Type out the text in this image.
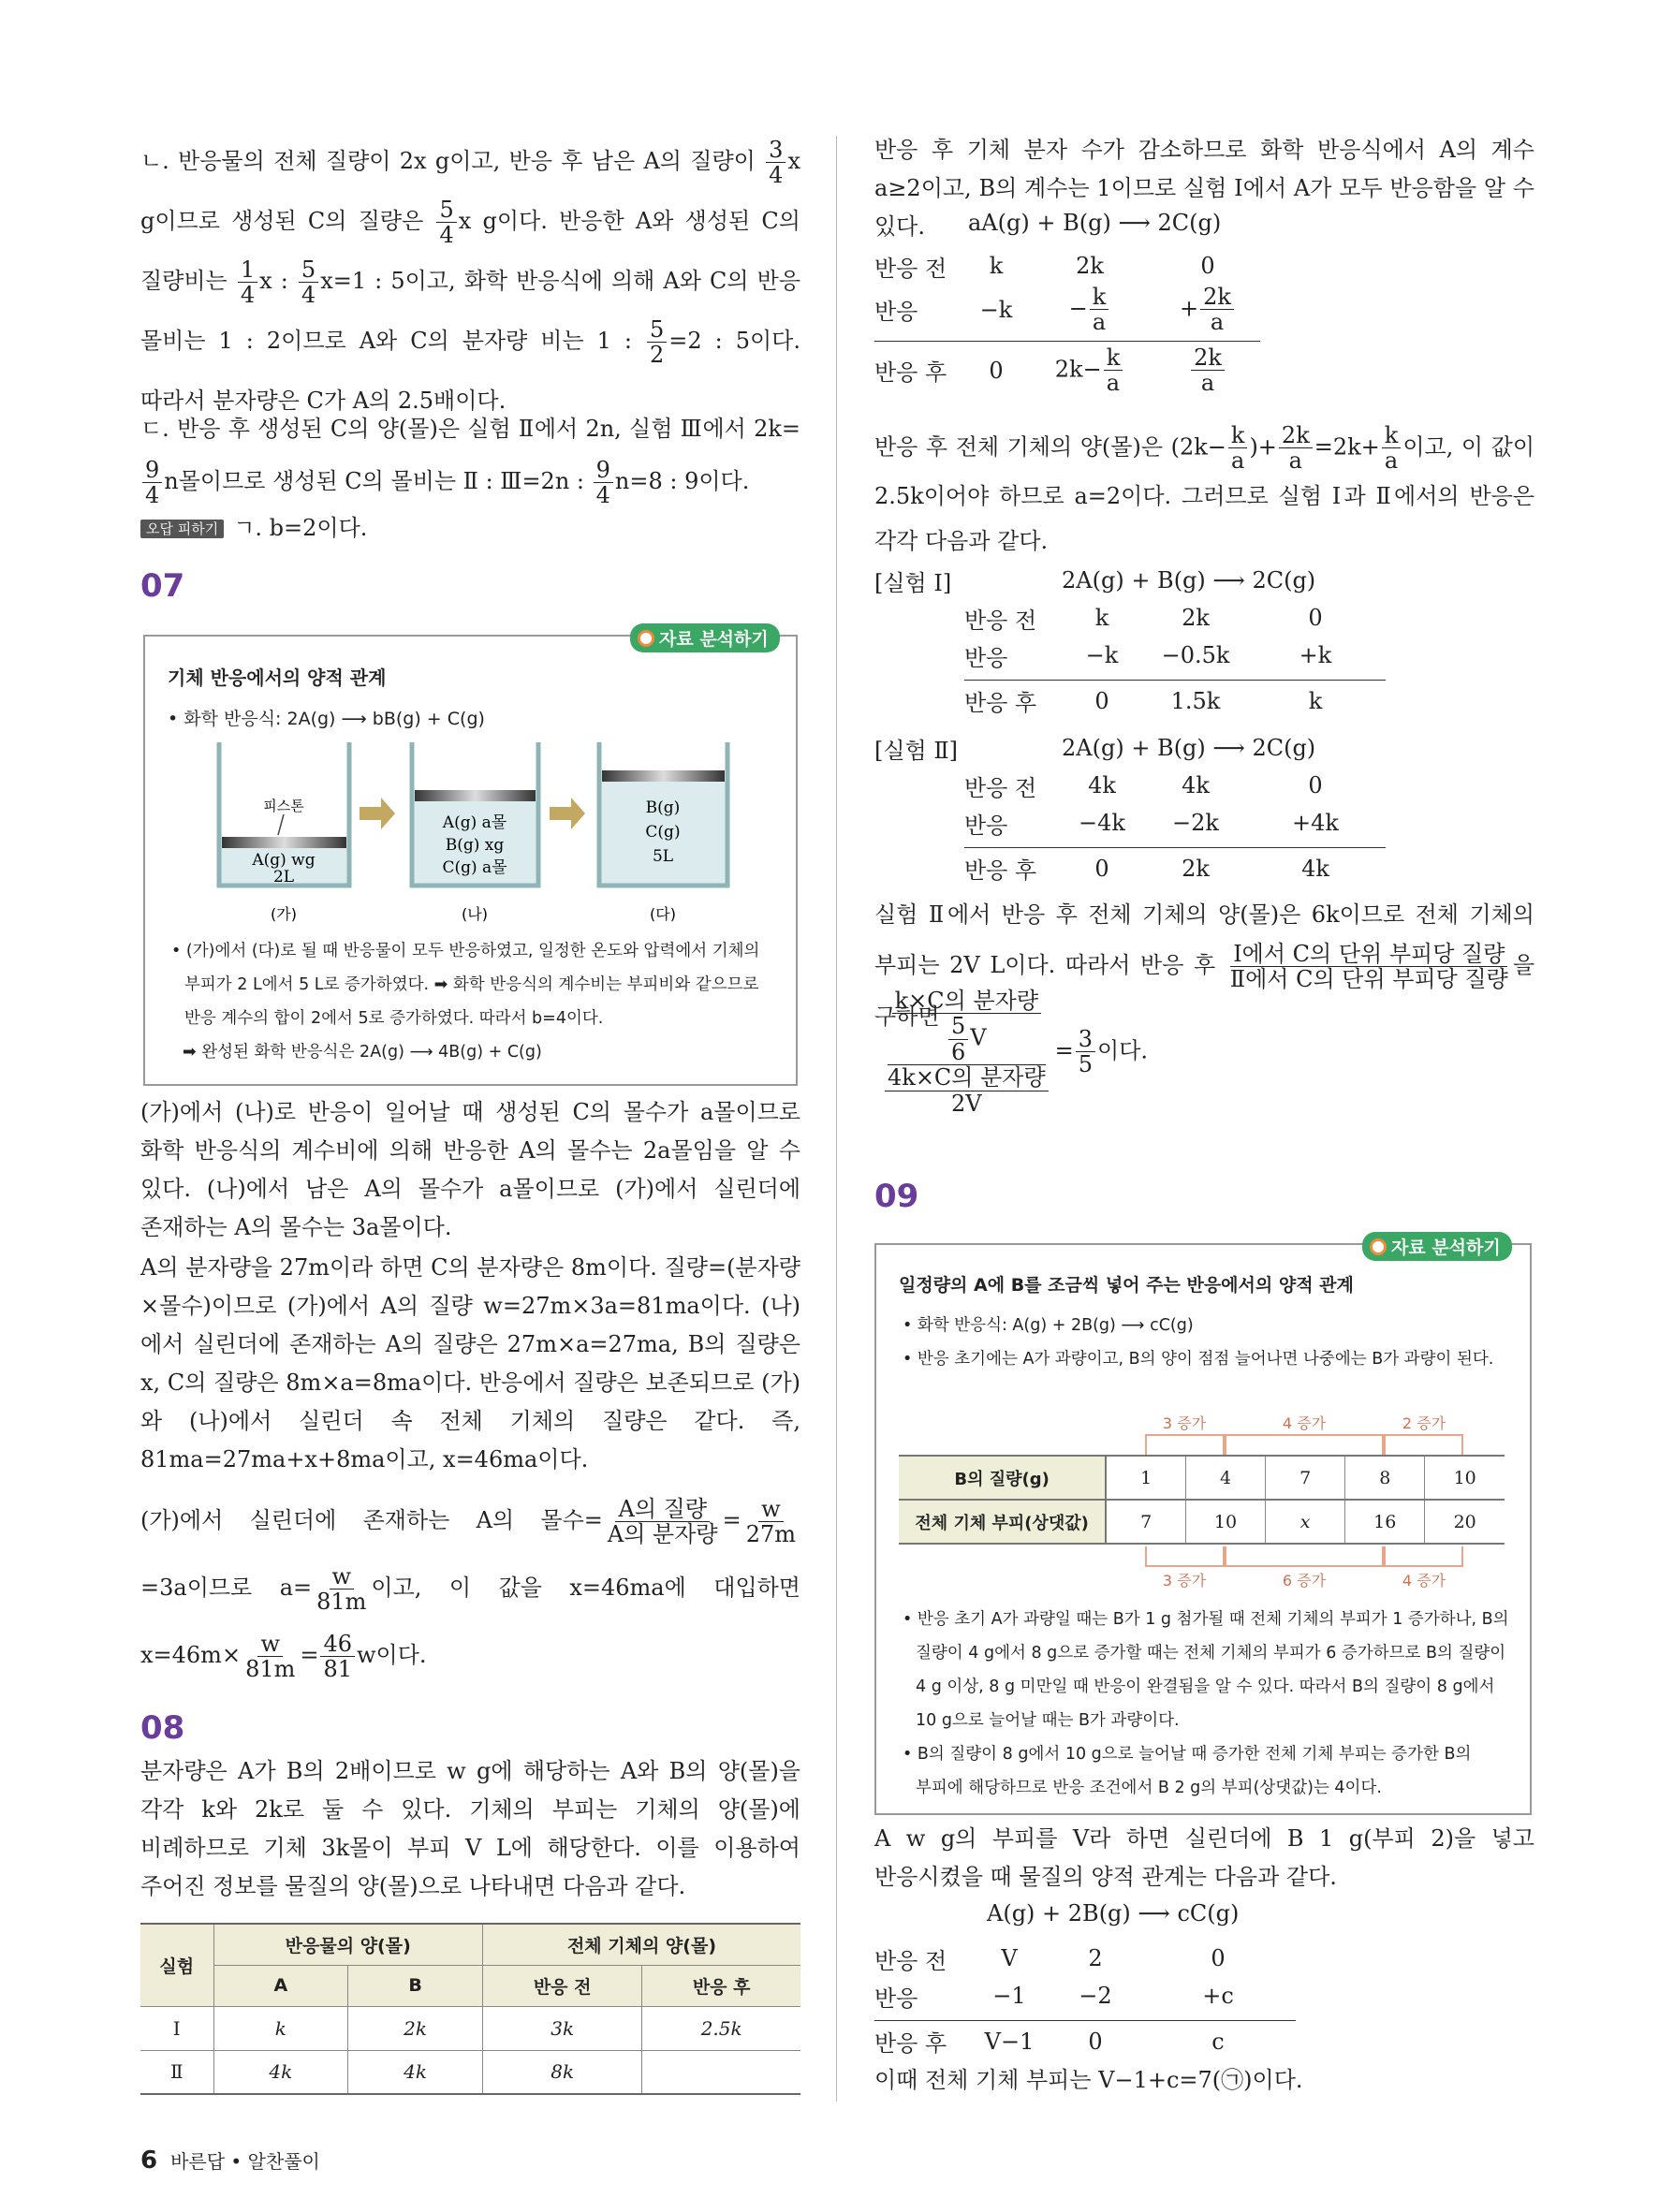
ㄴ. 반응물의 전체 질량이 2x g이고, 반응 후 남은 A의 질량이 $\frac{3}{4}$ x g이므로 생성된 C의 질량은 $\frac{5}{4}$ x g이다. 반응한 A와 생성된 C의 질량비는 $\frac{1}{4}$ x : $\frac{5}{4} x=1$ : 5이고, 화학 반응식에 의해 A와 C의 반응 몰비는 1 : 2이므로 A와 C의 분자량 비는 1 : $\frac{5}{2} =2$ : 5이다. 따라서 분자량은 C가 A의 2.5배이다.
ㄷ. 반응 후 생성된 C의 양(몰)은 실험 Ⅱ에서 2n, 실험 Ⅲ에서 2k=
$\frac{9}{4}$ n몰이므로 생성된 C의 몰비는 Ⅱ : Ⅲ=2n : $\frac{9}{4} n=8$ : 9이다.
오답 피하기 ㄱ. b=2이다.
07
자료 분석하기
기체 반응에서의 양적 관계
• 화학 반응식: 2A(g) ⟶ bB(g) + C(g)
피스톤
A(g) wg
2L
A(g) a몰
B(g) xg
C(g) a몰
B(g)
C(g)
5L
(가)	(나)	(다)
• (가)에서 (다)로 될 때 반응물이 모두 반응하였고, 일정한 온도와 압력에서 기체의 부피가 2 L에서 5 L로 증가하였다. ➡ 화학 반응식의 계수비는 부피비와 같으므로 반응 계수의 합이 2에서 5로 증가하였다. 따라서 b=4이다.
➡ 완성된 화학 반응식은 2A(g) ⟶ 4B(g) + C(g)
(가)에서 (나)로 반응이 일어날 때 생성된 C의 몰수가 a몰이므로 화학 반응식의 계수비에 의해 반응한 A의 몰수는 2a몰임을 알 수 있다. (나)에서 남은 A의 몰수가 a몰이므로 (가)에서 실린더에 존재하는 A의 몰수는 3a몰이다.
A의 분자량을 27m이라 하면 C의 분자량은 8m이다. 질량=(분자량×몰수)이므로 (가)에서 A의 질량 w=27m×3a=81ma이다. (나)에서 실린더에 존재하는 A의 질량은 27m×a=27ma, B의 질량은 x, C의 질량은 8m×a=8ma이다. 반응에서 질량은 보존되므로 (가)와 (나)에서 실린더 속 전체 기체의 질량은 같다. 즉, 81ma=27ma+x+8ma이고, x=46ma이다.
(가)에서 실린더에 존재하는 A의 몰수= $\frac{\text{A의 질량}}{\text{A의 분자량}} = \frac{w}{27m}$
=3a이므로 $a= \frac{w}{81m}$ 이고, 이 값을 x=46ma에 대입하면 $x=46m\times \frac{w}{81m} = \frac{46}{81}$ w이다.
08
분자량은 A가 B의 2배이므로 w g에 해당하는 A와 B의 양(몰)을 각각 k와 2k로 둘 수 있다. 기체의 부피는 기체의 양(몰)에 비례하므로 기체 3k몰이 부피 V L에 해당한다. 이를 이용하여 주어진 정보를 물질의 양(몰)으로 나타내면 다음과 같다.
실험	반응물의 양(몰)		전체 기체의 양(몰)	
	A	B	반응 전	반응 후
Ⅰ	k	2k	3k	2.5k
Ⅱ	4k	4k	8k	
6 바른답 • 알찬풀이
반응 후 기체 분자 수가 감소하므로 화학 반응식에서 A의 계수 a≥2이고, B의 계수는 1이므로 실험 Ⅰ에서 A가 모두 반응함을 알 수 있다.	aA(g) + B(g) ⟶ 2C(g)
반응 전	k	2k	0
반응	−k	− $\frac{k}{a}$	+ $\frac{2k}{a}$
반응 후	0	$2k- \frac{k}{a}$	$\frac{2k}{a}$
반응 후 전체 기체의 양(몰)은 ($2k- \frac{k}{a}$ )+ $\frac{2k}{a} =2k+ \frac{k}{a}$ 이고, 이 값이 2.5k이어야 하므로 a=2이다. 그러므로 실험 Ⅰ과 Ⅱ에서의 반응은 각각 다음과 같다.
[실험 Ⅰ]	2A(g) + B(g) ⟶ 2C(g)
반응 전	k	2k	0
반응	−k	−0.5k	+k
반응 후	0	1.5k	k
[실험 Ⅱ]	2A(g) + B(g) ⟶ 2C(g)
반응 전	4k	4k	0
반응	−4k	−2k	+4k
반응 후	0	2k	4k
실험 Ⅱ에서 반응 후 전체 기체의 양(몰)은 6k이므로 전체 기체의 부피는 2V L이다. 따라서 반응 후 $\frac{\text{Ⅰ에서 C의 단위 부피당 질량}}{\text{Ⅱ에서 C의 단위 부피당 질량}}$ 을 구하면
$\frac{\frac{\text{k×C의 분자량}}{\frac{5}{6} V}}{\frac{\text{4k×C의 분자량}}{2V}} = \frac{3}{5}$ 이다.
09
자료 분석하기
일정량의 A에 B를 조금씩 넣어 주는 반응에서의 양적 관계
• 화학 반응식: A(g) + 2B(g) ⟶ cC(g)
• 반응 초기에는 A가 과량이고, B의 양이 점점 늘어나면 나중에는 B가 과량이 된다.
3 증가	4 증가	2 증가
B의 질량(g)	1	4	7	8	10
전체 기체 부피(상댓값)	7	10	x	16	20
3 증가	6 증가	4 증가
• 반응 초기 A가 과량일 때는 B가 1 g 첨가될 때 전체 기체의 부피가 1 증가하나, B의 질량이 4 g에서 8 g으로 증가할 때는 전체 기체의 부피가 6 증가하므로 B의 질량이 4 g 이상, 8 g 미만일 때 반응이 완결됨을 알 수 있다. 따라서 B의 질량이 8 g에서 10 g으로 늘어날 때는 B가 과량이다.
• B의 질량이 8 g에서 10 g으로 늘어날 때 증가한 전체 기체 부피는 증가한 B의 부피에 해당하므로 반응 조건에서 B 2 g의 부피(상댓값)는 4이다.
A w g의 부피를 V라 하면 실린더에 B 1 g(부피 2)을 넣고 반응시켰을 때 물질의 양적 관계는 다음과 같다.
A(g) + 2B(g) ⟶ cC(g)
반응 전	V	2	0
반응	−1	−2	+c
반응 후	V−1	0	c
이때 전체 기체 부피는 V−1+c=7(㉠)이다.
